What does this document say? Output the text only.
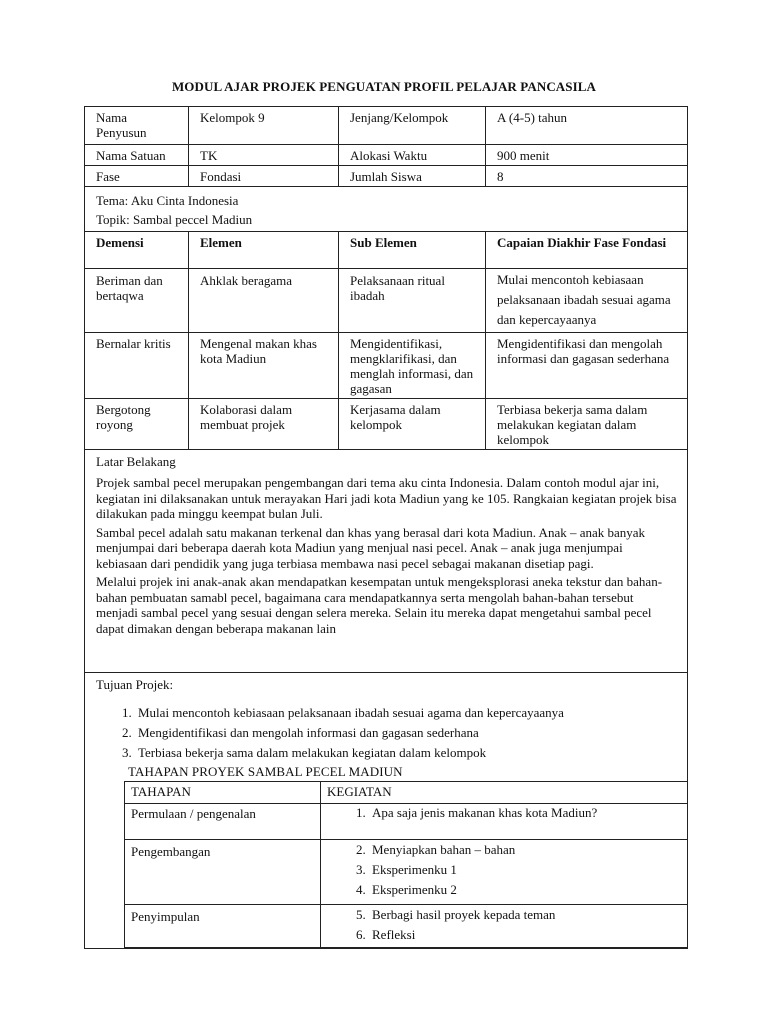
MODUL AJAR PROJEK PENGUATAN PROFIL PELAJAR PANCASILA
Nama Penyusun	Kelompok 9	Jenjang/Kelompok	A (4-5) tahun
Nama Satuan	TK	Alokasi Waktu	900 menit
Fase	Fondasi	Jumlah Siswa	8

Tema: Aku Cinta Indonesia

Topik: Sambal peccel Madiun

Demensi	Elemen	Sub Elemen	Capaian Diakhir Fase Fondasi
Beriman dan bertaqwa	Ahklak beragama	Pelaksanaan ritual ibadah	Mulai mencontoh kebiasaan pelaksanaan ibadah sesuai agama dan kepercayaanya
Bernalar kritis	Mengenal makan khas kota Madiun	Mengidentifikasi, mengklarifikasi, dan menglah informasi, dan gagasan	Mengidentifikasi dan mengolah informasi dan gagasan sederhana
Bergotong royong	Kolaborasi dalam membuat projek	Kerjasama dalam kelompok	Terbiasa bekerja sama dalam melakukan kegiatan dalam kelompok

Latar Belakang

Projek sambal pecel merupakan pengembangan dari tema aku cinta Indonesia. Dalam contoh modul ajar ini, kegiatan ini dilaksanakan untuk merayakan Hari jadi kota Madiun yang ke 105. Rangkaian kegiatan projek bisa dilakukan pada minggu keempat bulan Juli.

Sambal pecel adalah satu makanan terkenal dan khas yang berasal dari kota Madiun. Anak – anak banyak menjumpai dari beberapa daerah kota Madiun yang menjual nasi pecel. Anak – anak juga menjumpai kebiasaan dari pendidik yang juga terbiasa membawa nasi pecel sebagai makanan disetiap pagi.

Melalui projek ini anak-anak akan mendapatkan kesempatan untuk mengeksplorasi aneka tekstur dan bahan-bahan pembuatan samabl pecel, bagaimana cara mendapatkannya serta mengolah bahan-bahan tersebut menjadi sambal pecel yang sesuai dengan selera mereka. Selain itu mereka dapat mengetahui sambal pecel dapat dimakan dengan beberapa makanan lain

Tujuan Projek:

1. Mulai mencontoh kebiasaan pelaksanaan ibadah sesuai agama dan kepercayaanya
2. Mengidentifikasi dan mengolah informasi dan gagasan sederhana
3. Terbiasa bekerja sama dalam melakukan kegiatan dalam kelompok

TAHAPAN PROYEK SAMBAL PECEL MADIUN

TAHAPAN	KEGIATAN
Permulaan / pengenalan	
1.Apa saja jenis makanan khas kota Madiun?

Pengembangan	
2.Menyiapkan bahan – bahan
3. Eksperimenku 1
4. Eksperimenku 2

Penyimpulan	
5.Berbagi hasil proyek kepada teman
6. Refleksi
